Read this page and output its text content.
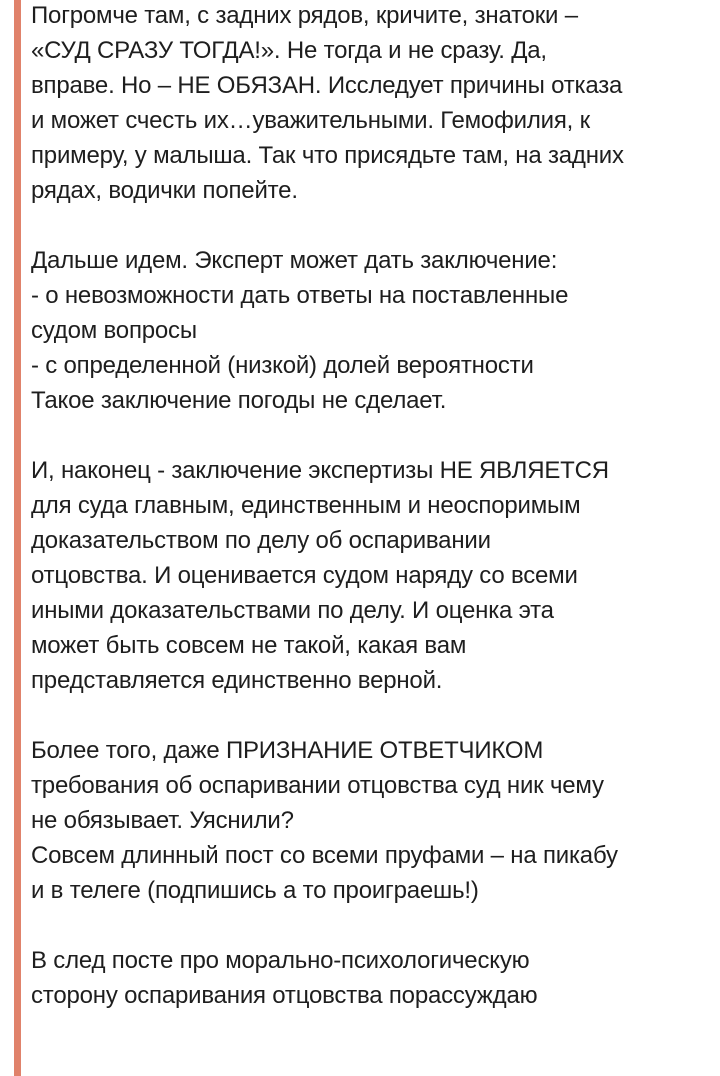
Погромче там, с задних рядов, кричите, знатоки –
«СУД СРАЗУ ТОГДА!». Не тогда и не сразу. Да,
вправе. Но – НЕ ОБЯЗАН. Исследует причины отказа
и может счесть их…уважительными. Гемофилия, к
примеру, у малыша. Так что присядьте там, на задних
рядах, водички попейте.

Дальше идем. Эксперт может дать заключение:
- о невозможности дать ответы на поставленные
судом вопросы
- с определенной (низкой) долей вероятности
Такое заключение погоды не сделает.

И, наконец - заключение экспертизы НЕ ЯВЛЯЕТСЯ
для суда главным, единственным и неоспоримым
доказательством по делу об оспаривании
отцовства. И оценивается судом наряду со всеми
иными доказательствами по делу. И оценка эта
может быть совсем не такой, какая вам
представляется единственно верной.

Более того, даже ПРИЗНАНИЕ ОТВЕТЧИКОМ
требования об оспаривании отцовства суд ник чему
не обязывает. Уяснили?
Совсем длинный пост со всеми пруфами – на пикабу
и в телеге (подпишись а то проиграешь!)

В след посте про морально-психологическую
сторону оспаривания отцовства порассуждаю
